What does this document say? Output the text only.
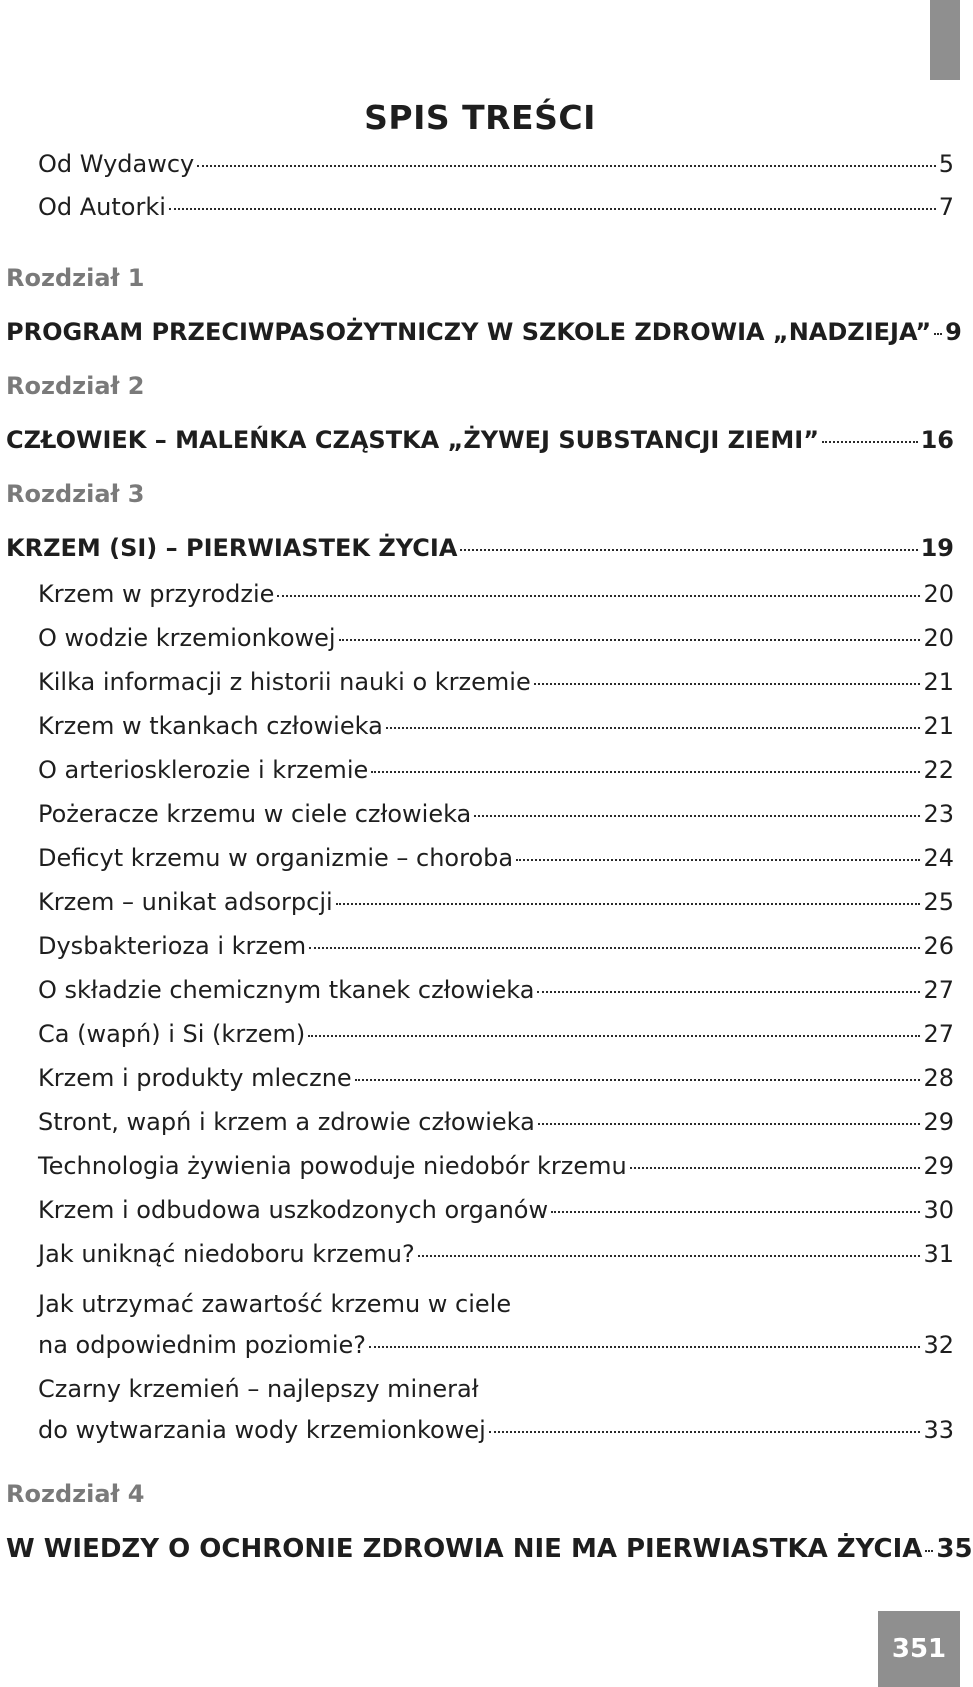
SPIS TREŚCI
Od Wydawcy	5
Od Autorki	7
Rozdział 1
PROGRAM PRZECIWPASOŻYTNICZY W SZKOLE ZDROWIA „NADZIEJA” 9
Rozdział 2
CZŁOWIEK – MALEŃKA CZĄSTKA „ŻYWEJ SUBSTANCJI ZIEMI”	16
Rozdział 3
KRZEM (SI) – PIERWIASTEK ŻYCIA	19
Krzem w przyrodzie	20
O wodzie krzemionkowej	20
Kilka informacji z historii nauki o krzemie	21
Krzem w tkankach człowieka	21
O arteriosklerozie i krzemie	22
Pożeracze krzemu w ciele człowieka	23
Deficyt krzemu w organizmie – choroba	24
Krzem – unikat adsorpcji	25
Dysbakterioza i krzem	26
O składzie chemicznym tkanek człowieka	27
Ca (wapń) i Si (krzem)	27
Krzem i produkty mleczne	28
Stront, wapń i krzem a zdrowie człowieka	29
Technologia żywienia powoduje niedobór krzemu	29
Krzem i odbudowa uszkodzonych organów	30
Jak uniknąć niedoboru krzemu?	31
Jak utrzymać zawartość krzemu w ciele
na odpowiednim poziomie?	32
Czarny krzemień – najlepszy minerał
do wytwarzania wody krzemionkowej	33
Rozdział 4
W WIEDZY O OCHRONIE ZDROWIA NIE MA PIERWIASTKA ŻYCIA 35
351
